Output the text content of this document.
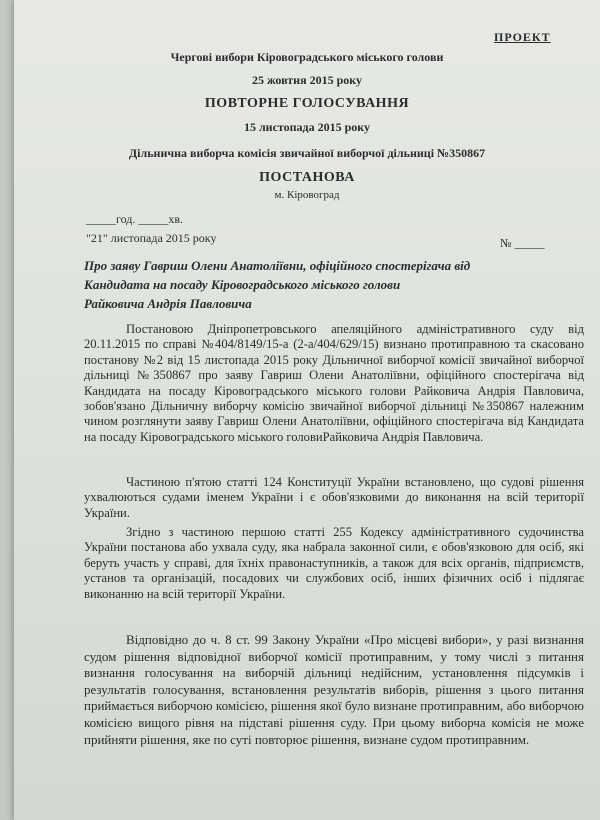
ПРОЕКТ
Чергові вибори Кіровоградського міського голови
25 жовтня 2015 року
ПОВТОРНЕ ГОЛОСУВАННЯ
15 листопада 2015 року
Дільнична виборча комісія звичайної виборчої дільниці №350867
ПОСТАНОВА
м. Кіровоград
_____год. _____хв.
"21" листопада 2015 року	№ _____
Про заяву Гавриш Олени Анатоліївни, офіційного спостерігача від
Кандидата на посаду Кіровоградського міського голови
Райковича Андрія Павловича
Постановою Дніпропетровського апеляційного адміністративного суду від 20.11.2015 по справі №404/8149/15-а (2-а/404/629/15) визнано протиправною та скасовано постанову №2 від 15 листопада 2015 року Дільничної виборчої комісії звичайної виборчої дільниці №350867 про заяву Гавриш Олени Анатоліївни, офіційного спостерігача від Кандидата на посаду Кіровоградського міського голови Райковича Андрія Павловича, зобов'язано Дільничну виборчу комісію звичайної виборчої дільниці №350867 належним чином розглянути заяву Гавриш Олени Анатоліївни, офіційного спостерігача від Кандидата на посаду Кіровоградського міського головиРайковича Андрія Павловича.
Частиною п'ятою статті 124 Конституції України встановлено, що судові рішення ухвалюються судами іменем України і є обов'язковими до виконання на всій території України.
Згідно з частиною першою статті 255 Кодексу адміністративного судочинства України постанова або ухвала суду, яка набрала законної сили, є обов'язковою для осіб, які беруть участь у справі, для їхніх правонаступників, а також для всіх органів, підприємств, установ та організацій, посадових чи службових осіб, інших фізичних осіб і підлягає виконанню на всій території України.
Відповідно до ч. 8 ст. 99 Закону України «Про місцеві вибори», у разі визнання судом рішення відповідної виборчої комісії протиправним, у тому числі з питання визнання голосування на виборчій дільниці недійсним, установлення підсумків і результатів голосування, встановлення результатів виборів, рішення з цього питання приймається виборчою комісією, рішення якої було визнане протиправним, або виборчою комісією вищого рівня на підставі рішення суду. При цьому виборча комісія не може прийняти рішення, яке по суті повторює рішення, визнане судом протиправним.
